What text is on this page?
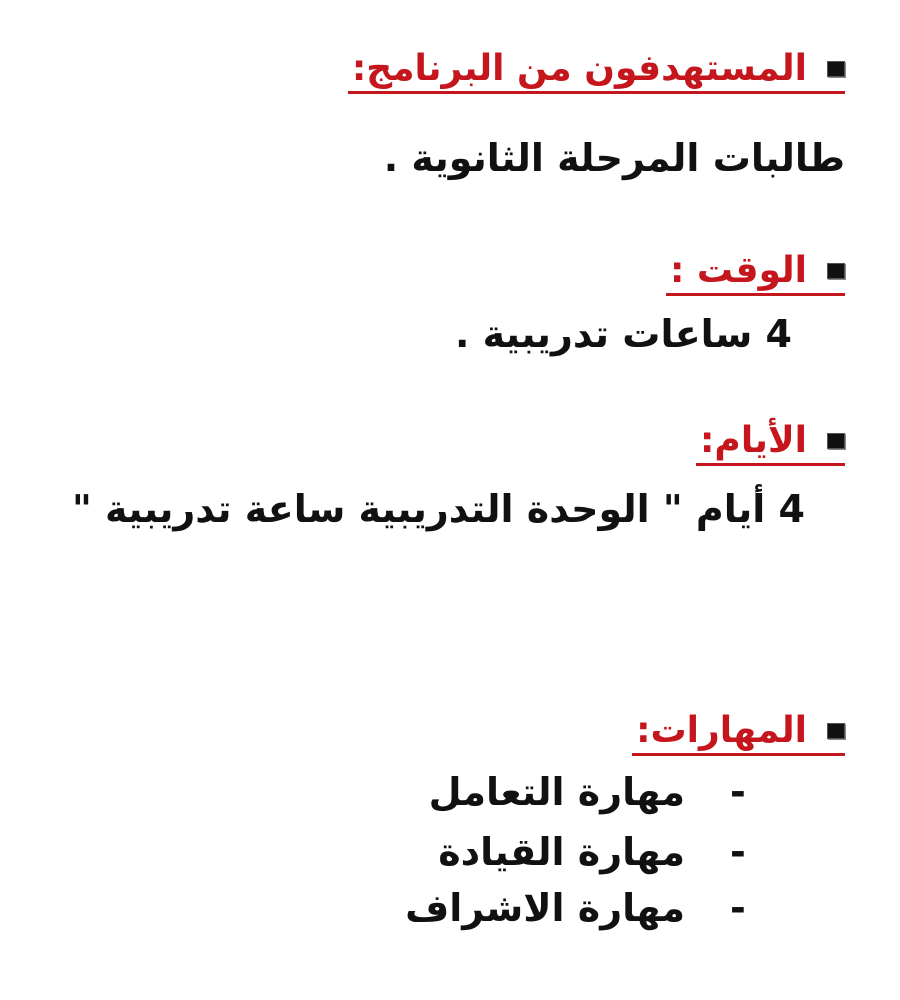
المستهدفون من البرنامج:
طالبات المرحلة الثانوية .
الوقت :
4 ساعات تدريبية .
الأيام:
4 أيام " الوحدة التدريبية ساعة تدريبية "
المهارات:
-
مهارة التعامل
-
مهارة القيادة
-
مهارة الاشراف
